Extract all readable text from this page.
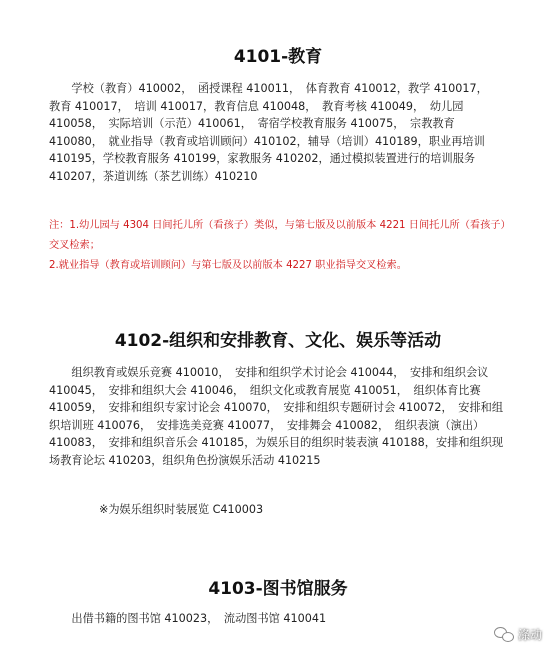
4101-教育

　　学校（教育）410002，　函授课程 410011，　体育教育 410012，教学 410017，　教育 410017，　培训 410017，教育信息 410048，　教育考核 410049，　幼儿园 410058，　实际培训（示范）410061，　寄宿学校教育服务 410075，　宗教教育 410080，　就业指导（教育或培训顾问）410102，辅导（培训）410189，职业再培训 410195，学校教育服务 410199，家教服务 410202，通过模拟装置进行的培训服务 410207，茶道训练（茶艺训练）410210

注：1.幼儿园与 4304 日间托儿所（看孩子）类似，与第七版及以前版本 4221 日间托儿所（看孩子）交叉检索；

2.就业指导（教育或培训顾问）与第七版及以前版本 4227 职业指导交叉检索。

4102-组织和安排教育、文化、娱乐等活动

　　组织教育或娱乐竞赛 410010，　安排和组织学术讨论会 410044，　安排和组织会议 410045，　安排和组织大会 410046，　组织文化或教育展览 410051，　组织体育比赛 410059，　安排和组织专家讨论会 410070，　安排和组织专题研讨会 410072，　安排和组织培训班 410076，　安排选美竞赛 410077，　安排舞会 410082，　组织表演（演出）410083，　安排和组织音乐会 410185，为娱乐目的组织时装表演 410188，安排和组织现场教育论坛 410203，组织角色扮演娱乐活动 410215

※为娱乐组织时装展览 C410003
4103-图书馆服务

　　出借书籍的图书馆 410023，　流动图书馆 410041

涤动
